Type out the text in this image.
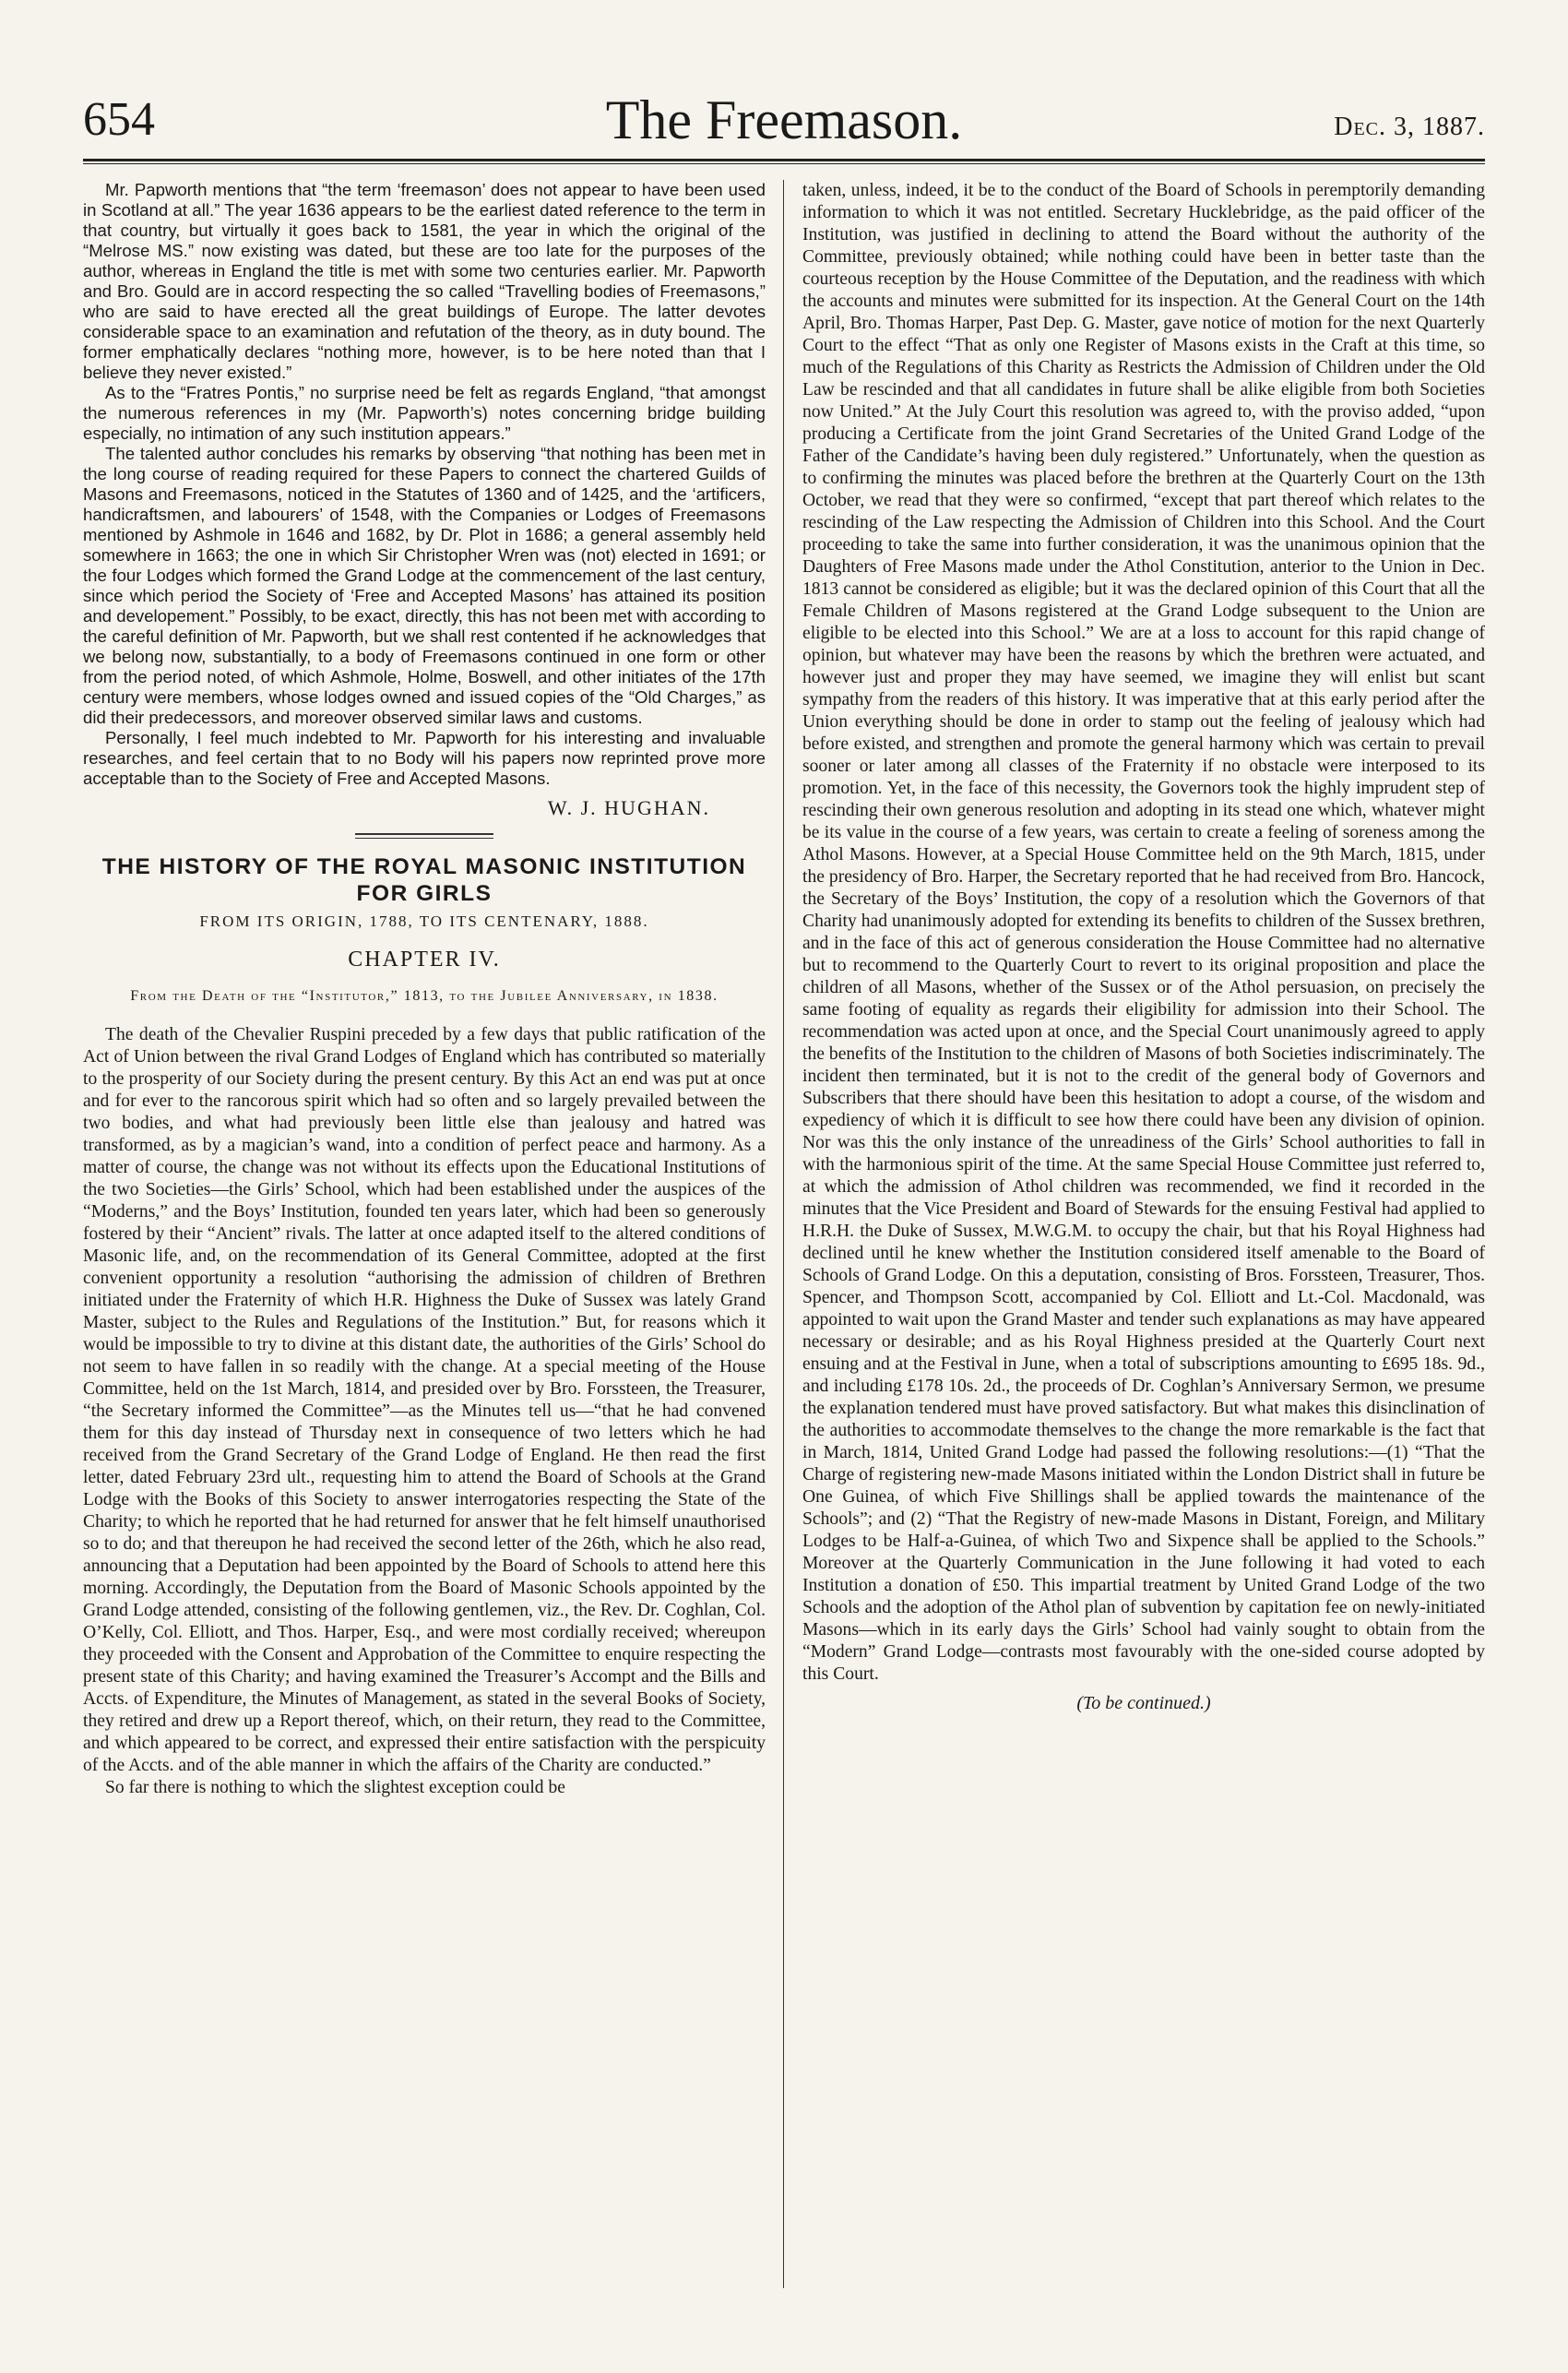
654	The Freemason.	Dec. 3, 1887.

Mr. Papworth mentions that “the term ‘freemason’ does not appear to have been used in Scotland at all.” The year 1636 appears to be the earliest dated reference to the term in that country, but virtually it goes back to 1581, the year in which the original of the “Melrose MS.” now existing was dated, but these are too late for the purposes of the author, whereas in England the title is met with some two centuries earlier. Mr. Papworth and Bro. Gould are in accord respecting the so called “Travelling bodies of Freemasons,” who are said to have erected all the great buildings of Europe. The latter devotes considerable space to an examination and refutation of the theory, as in duty bound. The former emphatically declares “nothing more, however, is to be here noted than that I believe they never existed.”

As to the “Fratres Pontis,” no surprise need be felt as regards England, “that amongst the numerous references in my (Mr. Papworth’s) notes concerning bridge building especially, no intimation of any such institution appears.”

The talented author concludes his remarks by observing “that nothing has been met in the long course of reading required for these Papers to connect the chartered Guilds of Masons and Freemasons, noticed in the Statutes of 1360 and of 1425, and the ‘artificers, handicraftsmen, and labourers’ of 1548, with the Companies or Lodges of Freemasons mentioned by Ashmole in 1646 and 1682, by Dr. Plot in 1686; a general assembly held somewhere in 1663; the one in which Sir Christopher Wren was (not) elected in 1691; or the four Lodges which formed the Grand Lodge at the commencement of the last century, since which period the Society of ‘Free and Accepted Masons’ has attained its position and developement.” Possibly, to be exact, directly, this has not been met with according to the careful definition of Mr. Papworth, but we shall rest contented if he acknowledges that we belong now, substantially, to a body of Freemasons continued in one form or other from the period noted, of which Ashmole, Holme, Boswell, and other initiates of the 17th century were members, whose lodges owned and issued copies of the “Old Charges,” as did their predecessors, and moreover observed similar laws and customs.

Personally, I feel much indebted to Mr. Papworth for his interesting and invaluable researches, and feel certain that to no Body will his papers now reprinted prove more acceptable than to the Society of Free and Accepted Masons.

W. J. HUGHAN.
THE HISTORY OF THE ROYAL MASONIC INSTITUTION FOR GIRLS
FROM ITS ORIGIN, 1788, TO ITS CENTENARY, 1888.
CHAPTER IV.
From the Death of the “Institutor,” 1813, to the Jubilee Anniversary, in 1838.

The death of the Chevalier Ruspini preceded by a few days that public ratification of the Act of Union between the rival Grand Lodges of England which has contributed so materially to the prosperity of our Society during the present century. By this Act an end was put at once and for ever to the rancorous spirit which had so often and so largely prevailed between the two bodies, and what had previously been little else than jealousy and hatred was transformed, as by a magician’s wand, into a condition of perfect peace and harmony. As a matter of course, the change was not without its effects upon the Educational Institutions of the two Societies—the Girls’ School, which had been established under the auspices of the “Moderns,” and the Boys’ Institution, founded ten years later, which had been so generously fostered by their “Ancient” rivals. The latter at once adapted itself to the altered conditions of Masonic life, and, on the recommendation of its General Committee, adopted at the first convenient opportunity a resolution “authorising the admission of children of Brethren initiated under the Fraternity of which H.R. Highness the Duke of Sussex was lately Grand Master, subject to the Rules and Regulations of the Institution.” But, for reasons which it would be impossible to try to divine at this distant date, the authorities of the Girls’ School do not seem to have fallen in so readily with the change. At a special meeting of the House Committee, held on the 1st March, 1814, and presided over by Bro. Forssteen, the Treasurer, “the Secretary informed the Committee”—as the Minutes tell us—“that he had convened them for this day instead of Thursday next in consequence of two letters which he had received from the Grand Secretary of the Grand Lodge of England. He then read the first letter, dated February 23rd ult., requesting him to attend the Board of Schools at the Grand Lodge with the Books of this Society to answer interrogatories respecting the State of the Charity; to which he reported that he had returned for answer that he felt himself unauthorised so to do; and that thereupon he had received the second letter of the 26th, which he also read, announcing that a Deputation had been appointed by the Board of Schools to attend here this morning. Accordingly, the Deputation from the Board of Masonic Schools appointed by the Grand Lodge attended, consisting of the following gentlemen, viz., the Rev. Dr. Coghlan, Col. O’Kelly, Col. Elliott, and Thos. Harper, Esq., and were most cordially received; whereupon they proceeded with the Consent and Approbation of the Committee to enquire respecting the present state of this Charity; and having examined the Treasurer’s Accompt and the Bills and Accts. of Expenditure, the Minutes of Management, as stated in the several Books of Society, they retired and drew up a Report thereof, which, on their return, they read to the Committee, and which appeared to be correct, and expressed their entire satisfaction with the perspicuity of the Accts. and of the able manner in which the affairs of the Charity are conducted.”

So far there is nothing to which the slightest exception could be

taken, unless, indeed, it be to the conduct of the Board of Schools in peremptorily demanding information to which it was not entitled. Secretary Hucklebridge, as the paid officer of the Institution, was justified in declining to attend the Board without the authority of the Committee, previously obtained; while nothing could have been in better taste than the courteous reception by the House Committee of the Deputation, and the readiness with which the accounts and minutes were submitted for its inspection. At the General Court on the 14th April, Bro. Thomas Harper, Past Dep. G. Master, gave notice of motion for the next Quarterly Court to the effect “That as only one Register of Masons exists in the Craft at this time, so much of the Regulations of this Charity as Restricts the Admission of Children under the Old Law be rescinded and that all candidates in future shall be alike eligible from both Societies now United.” At the July Court this resolution was agreed to, with the proviso added, “upon producing a Certificate from the joint Grand Secretaries of the United Grand Lodge of the Father of the Candidate’s having been duly registered.” Unfortunately, when the question as to confirming the minutes was placed before the brethren at the Quarterly Court on the 13th October, we read that they were so confirmed, “except that part thereof which relates to the rescinding of the Law respecting the Admission of Children into this School. And the Court proceeding to take the same into further consideration, it was the unanimous opinion that the Daughters of Free Masons made under the Athol Constitution, anterior to the Union in Dec. 1813 cannot be considered as eligible; but it was the declared opinion of this Court that all the Female Children of Masons registered at the Grand Lodge subsequent to the Union are eligible to be elected into this School.” We are at a loss to account for this rapid change of opinion, but whatever may have been the reasons by which the brethren were actuated, and however just and proper they may have seemed, we imagine they will enlist but scant sympathy from the readers of this history. It was imperative that at this early period after the Union everything should be done in order to stamp out the feeling of jealousy which had before existed, and strengthen and promote the general harmony which was certain to prevail sooner or later among all classes of the Fraternity if no obstacle were interposed to its promotion. Yet, in the face of this necessity, the Governors took the highly imprudent step of rescinding their own generous resolution and adopting in its stead one which, whatever might be its value in the course of a few years, was certain to create a feeling of soreness among the Athol Masons. However, at a Special House Committee held on the 9th March, 1815, under the presidency of Bro. Harper, the Secretary reported that he had received from Bro. Hancock, the Secretary of the Boys’ Institution, the copy of a resolution which the Governors of that Charity had unanimously adopted for extending its benefits to children of the Sussex brethren, and in the face of this act of generous consideration the House Committee had no alternative but to recommend to the Quarterly Court to revert to its original proposition and place the children of all Masons, whether of the Sussex or of the Athol persuasion, on precisely the same footing of equality as regards their eligibility for admission into their School. The recommendation was acted upon at once, and the Special Court unanimously agreed to apply the benefits of the Institution to the children of Masons of both Societies indiscriminately. The incident then terminated, but it is not to the credit of the general body of Governors and Subscribers that there should have been this hesitation to adopt a course, of the wisdom and expediency of which it is difficult to see how there could have been any division of opinion. Nor was this the only instance of the unreadiness of the Girls’ School authorities to fall in with the harmonious spirit of the time. At the same Special House Committee just referred to, at which the admission of Athol children was recommended, we find it recorded in the minutes that the Vice President and Board of Stewards for the ensuing Festival had applied to H.R.H. the Duke of Sussex, M.W.G.M. to occupy the chair, but that his Royal Highness had declined until he knew whether the Institution considered itself amenable to the Board of Schools of Grand Lodge. On this a deputation, consisting of Bros. Forssteen, Treasurer, Thos. Spencer, and Thompson Scott, accompanied by Col. Elliott and Lt.-Col. Macdonald, was appointed to wait upon the Grand Master and tender such explanations as may have appeared necessary or desirable; and as his Royal Highness presided at the Quarterly Court next ensuing and at the Festival in June, when a total of subscriptions amounting to £695 18s. 9d., and including £178 10s. 2d., the proceeds of Dr. Coghlan’s Anniversary Sermon, we presume the explanation tendered must have proved satisfactory. But what makes this disinclination of the authorities to accommodate themselves to the change the more remarkable is the fact that in March, 1814, United Grand Lodge had passed the following resolutions:—(1) “That the Charge of registering new-made Masons initiated within the London District shall in future be One Guinea, of which Five Shillings shall be applied towards the maintenance of the Schools”; and (2) “That the Registry of new-made Masons in Distant, Foreign, and Military Lodges to be Half-a-Guinea, of which Two and Sixpence shall be applied to the Schools.” Moreover at the Quarterly Communication in the June following it had voted to each Institution a donation of £50. This impartial treatment by United Grand Lodge of the two Schools and the adoption of the Athol plan of subvention by capitation fee on newly-initiated Masons—which in its early days the Girls’ School had vainly sought to obtain from the “Modern” Grand Lodge—contrasts most favourably with the one-sided course adopted by this Court.

(To be continued.)
